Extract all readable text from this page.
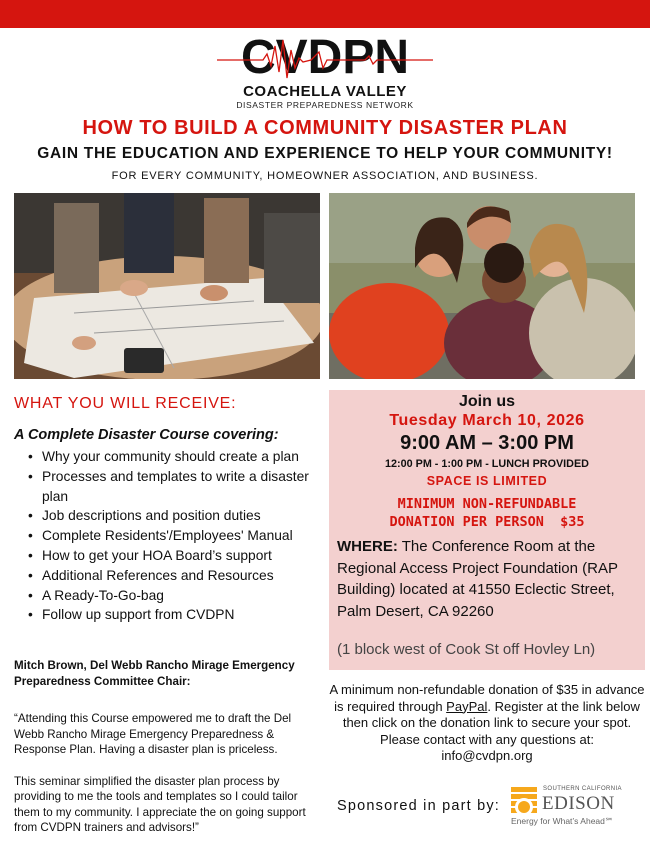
CVDPN
COACHELLA VALLEY
DISASTER PREPAREDNESS NETWORK
HOW TO BUILD A COMMUNITY DISASTER PLAN
GAIN THE EDUCATION AND EXPERIENCE TO HELP YOUR COMMUNITY!
FOR EVERY COMMUNITY, HOMEOWNER ASSOCIATION, AND BUSINESS.
WHAT YOU WILL RECEIVE:
A Complete Disaster Course covering:
• Why your community should create a plan
• Processes and templates to write a disaster plan
• Job descriptions and position duties
• Complete Residents'/Employees' Manual
• How to get your HOA Board’s support
• Additional References and Resources
• A Ready-To-Go-bag
• Follow up support from CVDPN
Mitch Brown, Del Webb Rancho Mirage Emergency Preparedness Committee Chair:
“Attending this Course empowered me to draft the Del Webb Rancho Mirage Emergency Preparedness & Response Plan. Having a disaster plan is priceless.
This seminar simplified the disaster plan process by providing to me the tools and templates so I could tailor them to my community. I appreciate the on going support from CVDPN trainers and advisors!”
Join us
Tuesday March 10, 2026
9:00 AM – 3:00 PM
12:00 PM - 1:00 PM - LUNCH PROVIDED
SPACE IS LIMITED
MINIMUM NON-REFUNDABLE
DONATION PER PERSON  $35
WHERE: The Conference Room at the Regional Access Project Foundation (RAP Building) located at 41550 Eclectic Street, Palm Desert, CA 92260
(1 block west of Cook St off Hovley Ln)
A minimum non-refundable donation of $35 in advance is required through PayPal. Register at the link below then click on the donation link to secure your spot.
Please contact with any questions at:
info@cvdpn.org
Sponsored in part by:
SOUTHERN CALIFORNIA
EDISON
Energy for What’s Ahead℠
